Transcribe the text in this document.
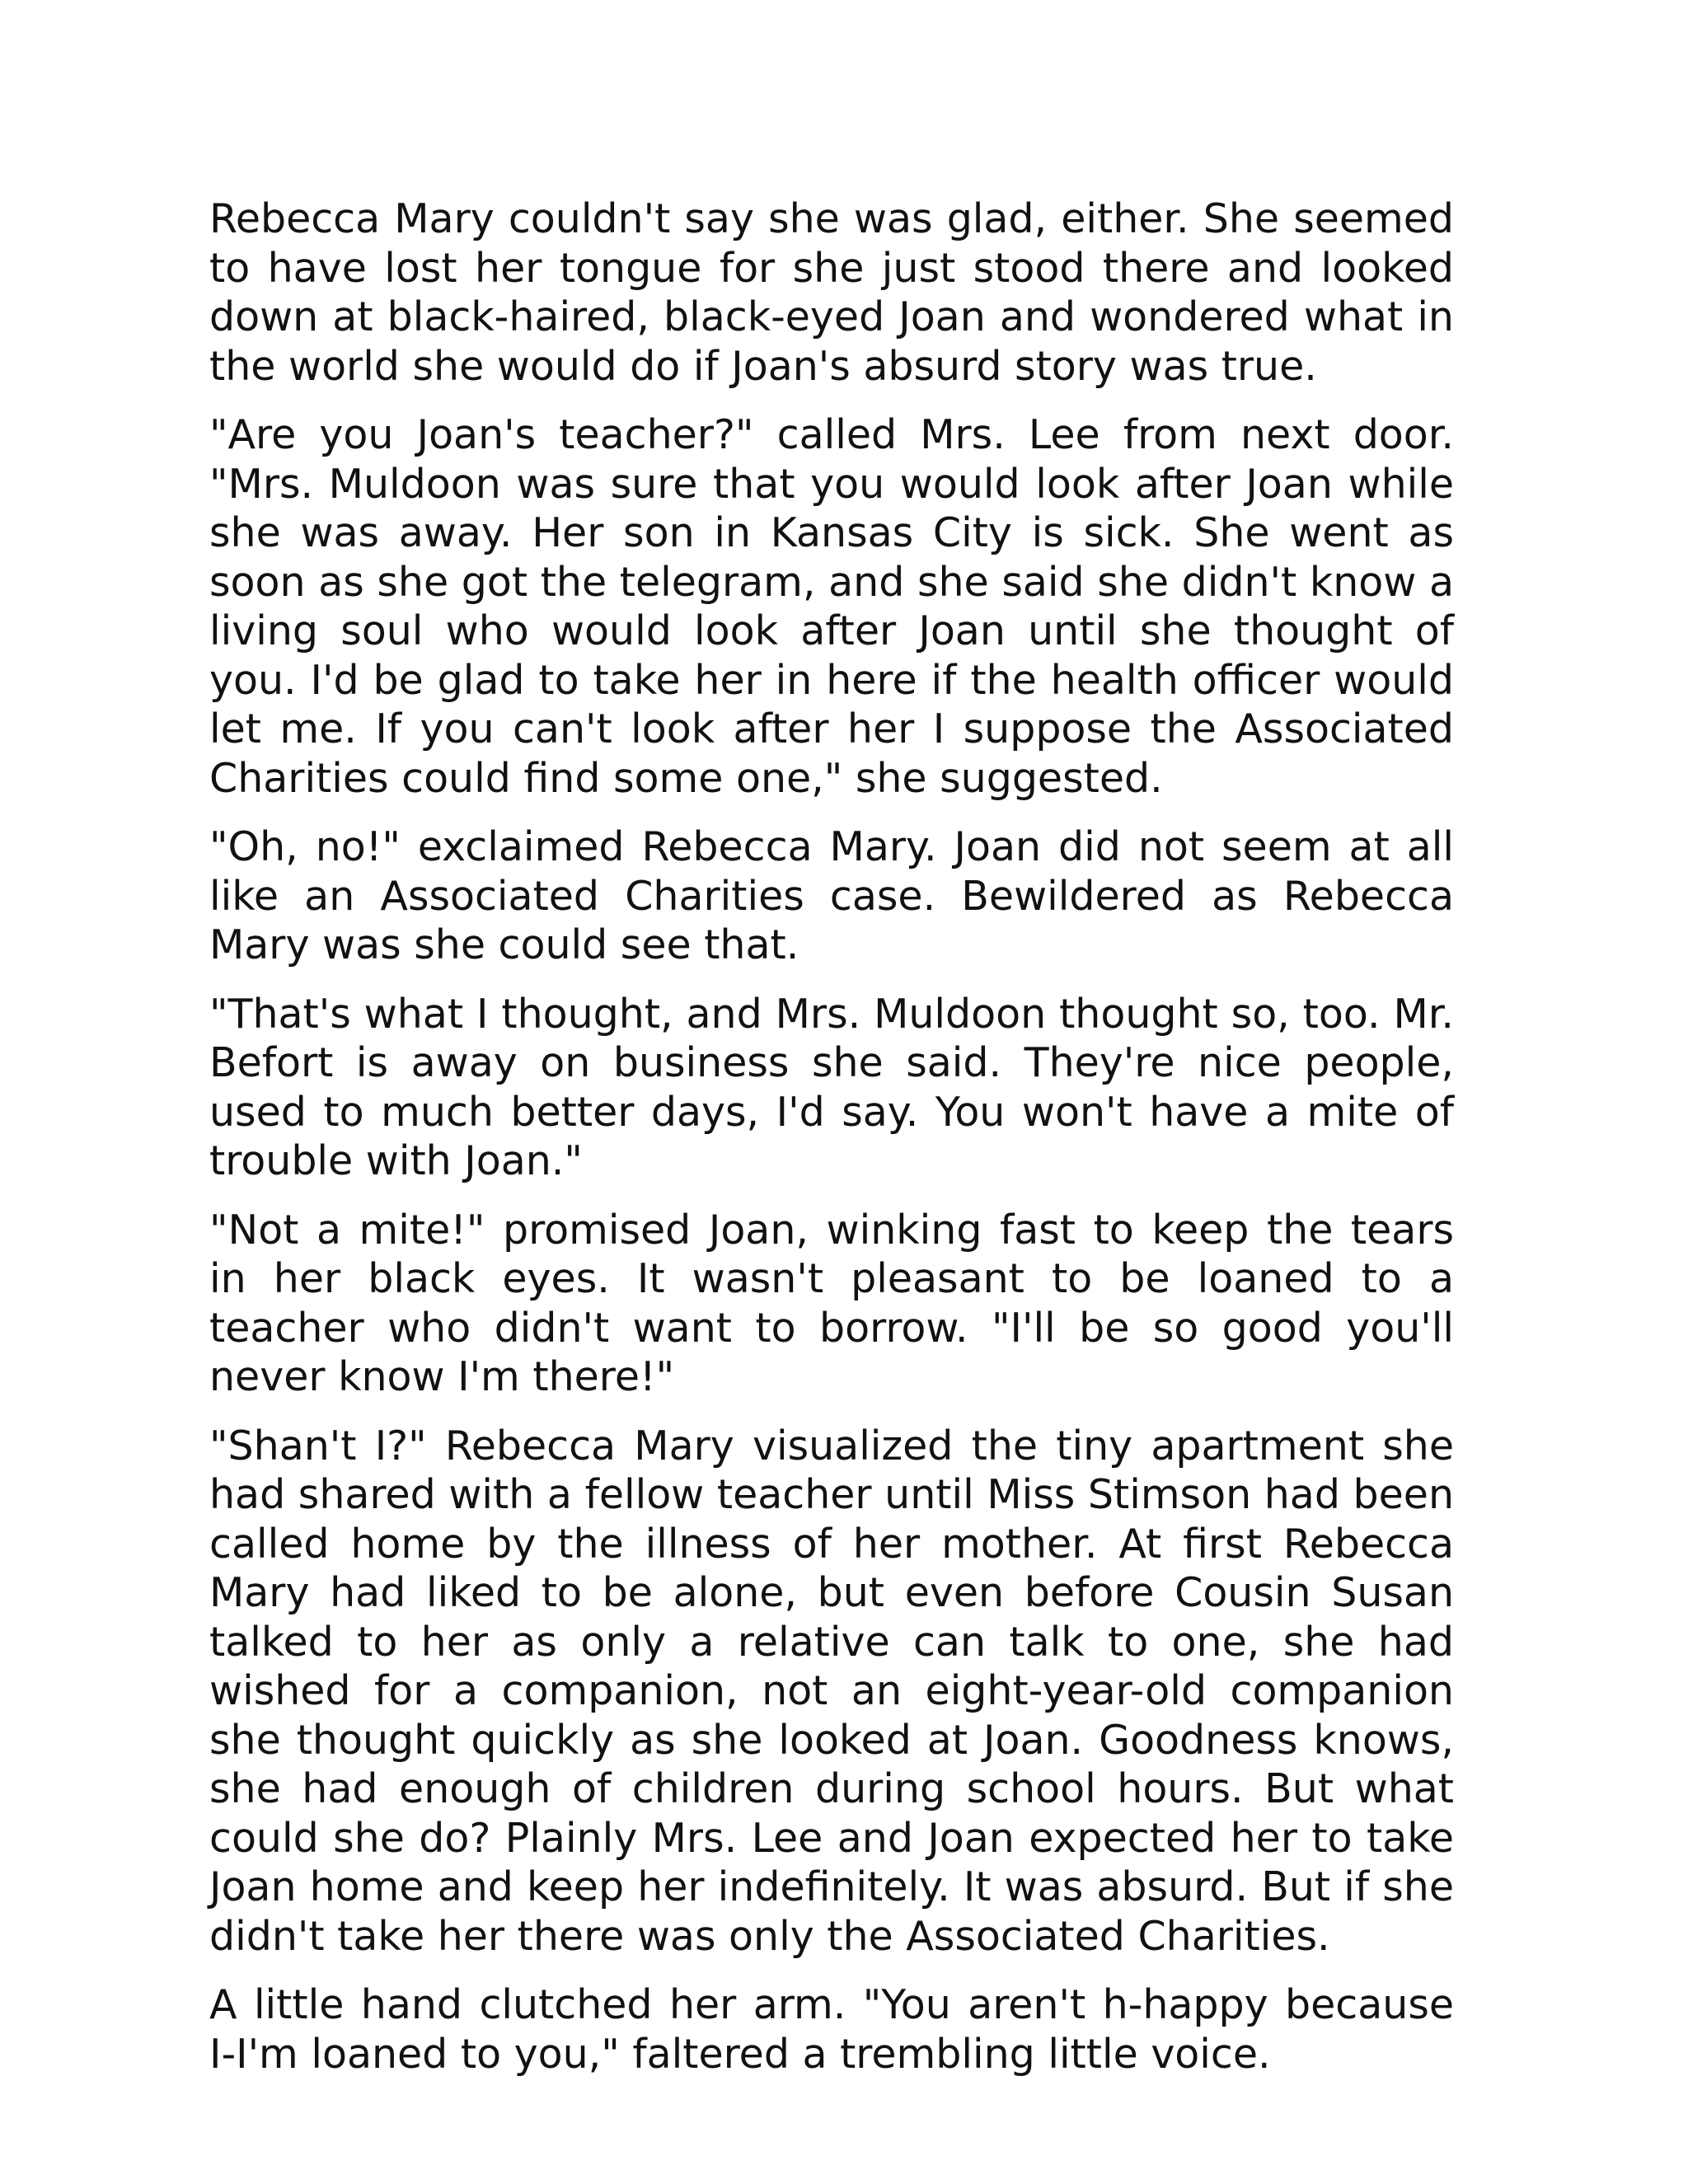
Rebecca Mary couldn't say she was glad, either. She seemed to have lost her tongue for she just stood there and looked down at black-haired, black-eyed Joan and wondered what in the world she would do if Joan's absurd story was true.

"Are you Joan's teacher?" called Mrs. Lee from next door. "Mrs. Muldoon was sure that you would look after Joan while she was away. Her son in Kansas City is sick. She went as soon as she got the telegram, and she said she didn't know a living soul who would look after Joan until she thought of you. I'd be glad to take her in here if the health officer would let me. If you can't look after her I suppose the Associated Charities could find some one," she suggested.

"Oh, no!" exclaimed Rebecca Mary. Joan did not seem at all like an Associated Charities case. Bewildered as Rebecca Mary was she could see that.

"That's what I thought, and Mrs. Muldoon thought so, too. Mr. Befort is away on business she said. They're nice people, used to much better days, I'd say. You won't have a mite of trouble with Joan."

"Not a mite!" promised Joan, winking fast to keep the tears in her black eyes. It wasn't pleasant to be loaned to a teacher who didn't want to borrow. "I'll be so good you'll never know I'm there!"

"Shan't I?" Rebecca Mary visualized the tiny apartment she had shared with a fellow teacher until Miss Stimson had been called home by the illness of her mother. At first Rebecca Mary had liked to be alone, but even before Cousin Susan talked to her as only a relative can talk to one, she had wished for a companion, not an eight-year-old companion she thought quickly as she looked at Joan. Goodness knows, she had enough of children during school hours. But what could she do? Plainly Mrs. Lee and Joan expected her to take Joan home and keep her indefinitely. It was absurd. But if she didn't take her there was only the Associated Charities.

A little hand clutched her arm. "You aren't h-happy because I-I'm loaned to you," faltered a trembling little voice.
